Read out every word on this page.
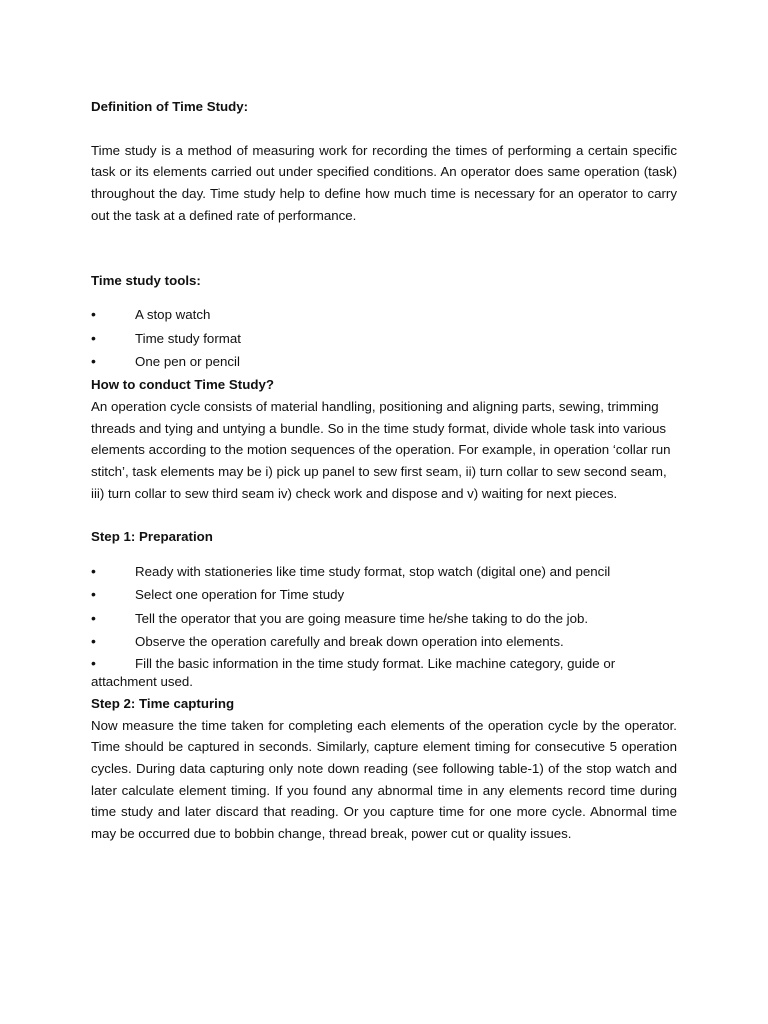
Definition of Time Study:

Time study is a method of measuring work for recording the times of performing a certain specific task or its elements carried out under specified conditions. An operator does same operation (task) throughout the day. Time study help to define how much time is necessary for an operator to carry out the task at a defined rate of performance.

Time study tools:

•	A stop watch
•	Time study format
•	One pen or pencil

How to conduct Time Study?

An operation cycle consists of material handling, positioning and aligning parts, sewing, trimming threads and tying and untying a bundle. So in the time study format, divide whole task into various elements according to the motion sequences of the operation. For example, in operation ‘collar run stitch’, task elements may be i) pick up panel to sew first seam, ii) turn collar to sew second seam, iii) turn collar to sew third seam iv) check work and dispose and v) waiting for next pieces.

Step 1: Preparation

•	Ready with stationeries like time study format, stop watch (digital one) and pencil
•	Select one operation for Time study
•	Tell the operator that you are going measure time he/she taking to do the job.
•	Observe the operation carefully and break down operation into elements.
•	Fill the basic information in the time study format. Like machine category, guide or attachment used.

Step 2: Time capturing

Now measure the time taken for completing each elements of the operation cycle by the operator. Time should be captured in seconds. Similarly, capture element timing for consecutive 5 operation cycles. During data capturing only note down reading (see following table-1) of the stop watch and later calculate element timing. If you found any abnormal time in any elements record time during time study and later discard that reading. Or you capture time for one more cycle. Abnormal time may be occurred due to bobbin change, thread break, power cut or quality issues.
